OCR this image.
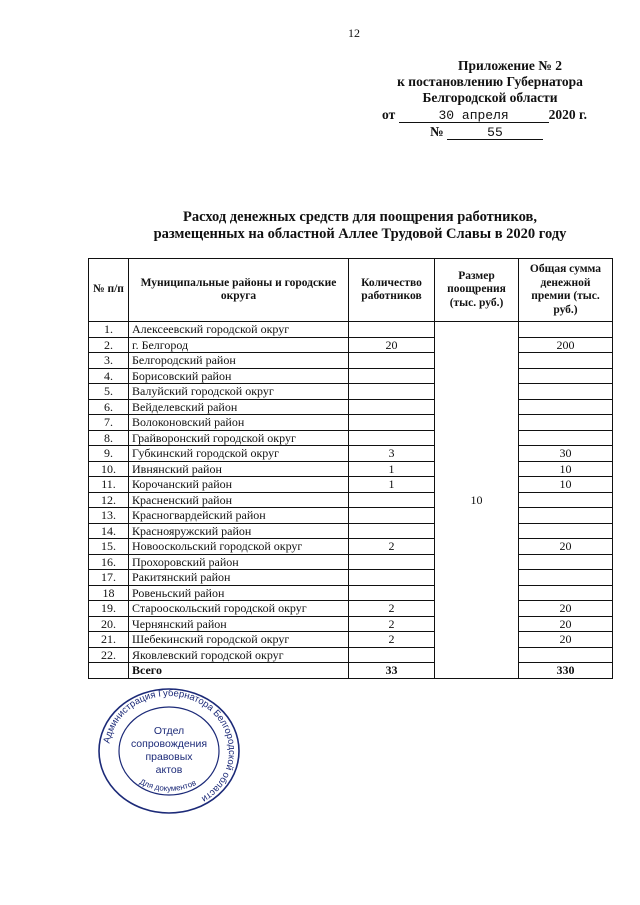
12
Приложение № 2
к постановлению Губернатора
Белгородской области
от	30 апреля	2020 г.
№	55
Расход денежных средств для поощрения работников,
размещенных на областной Аллее Трудовой Славы в 2020 году
№ п/п	Муниципальные районы и городские округа	Количество работников	Размер поощрения (тыс. руб.)	Общая сумма денежной премии (тыс. руб.)
1.	Алексеевский городской округ		10	
2.	г. Белгород	20		200
3.	Белгородский район			
4.	Борисовский район			
5.	Валуйский городской округ			
6.	Вейделевский район			
7.	Волоконовский район			
8.	Грайворонский городской округ			
9.	Губкинский городской округ	3		30
10.	Ивнянский район	1		10
11.	Корочанский район	1		10
12.	Красненский район			
13.	Красногвардейский район			
14.	Краснояружский район			
15.	Новооскольский городской округ	2		20
16.	Прохоровский район			
17.	Ракитянский район			
18	Ровеньский район			
19.	Старооскольский городской округ	2		20
20.	Чернянский район	2		20
21.	Шебекинский городской округ	2		20
22.	Яковлевский городской округ			
	Всего	33		330
Администрация Губернатора Белгородской области
Для документов
Отдел
сопровождения
правовых
актов
